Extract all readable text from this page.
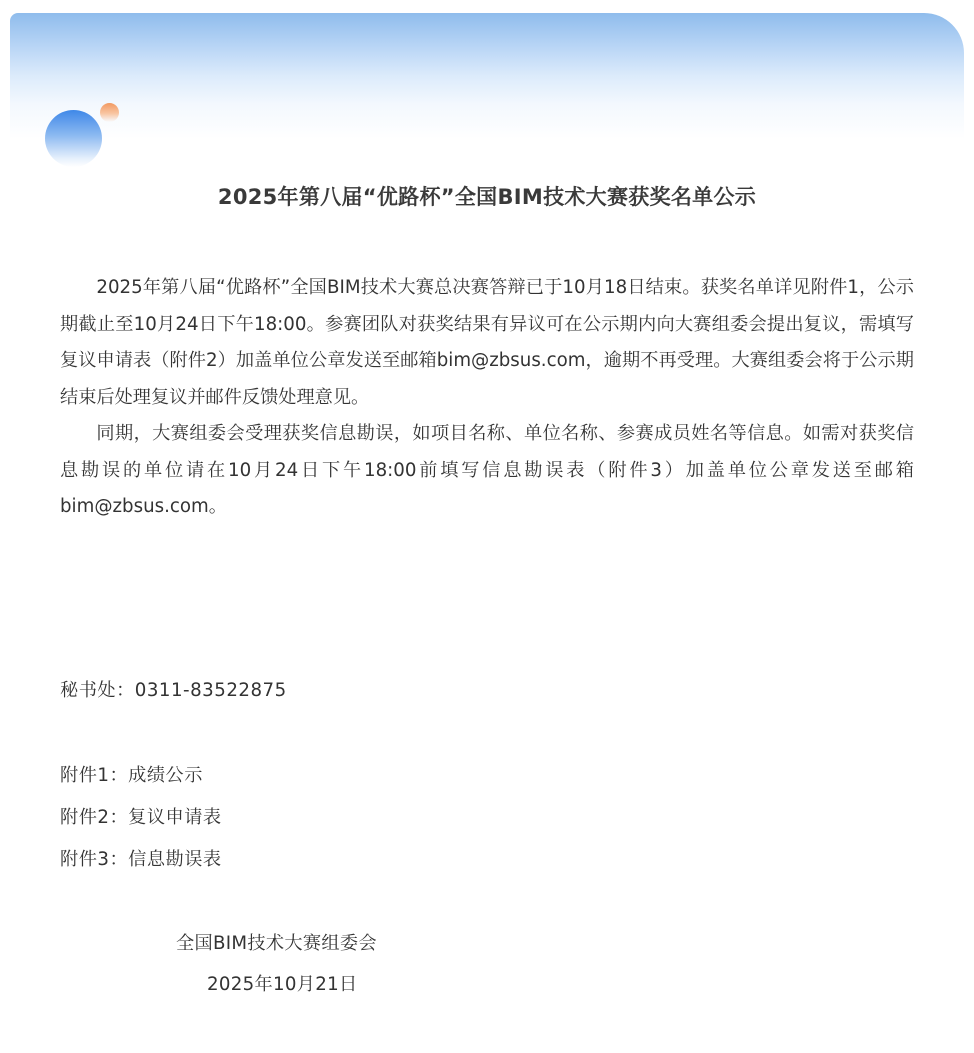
2025年第八届“优路杯”全国BIM技术大赛获奖名单公示

2025年第八届“优路杯”全国BIM技术大赛总决赛答辩已于10月18日结束。获奖名单详见附件1，公示期截止至10月24日下午18:00。参赛团队对获奖结果有异议可在公示期内向大赛组委会提出复议，需填写复议申请表（附件2）加盖单位公章发送至邮箱bim@zbsus.com，逾期不再受理。大赛组委会将于公示期结束后处理复议并邮件反馈处理意见。

同期，大赛组委会受理获奖信息勘误，如项目名称、单位名称、参赛成员姓名等信息。如需对获奖信息勘误的单位请在10月24日下午18:00前填写信息勘误表（附件3）加盖单位公章发送至邮箱bim@zbsus.com。

秘书处：0311-83522875
附件1：成绩公示
附件2：复议申请表
附件3：信息勘误表
全国BIM技术大赛组委会
2025年10月21日
